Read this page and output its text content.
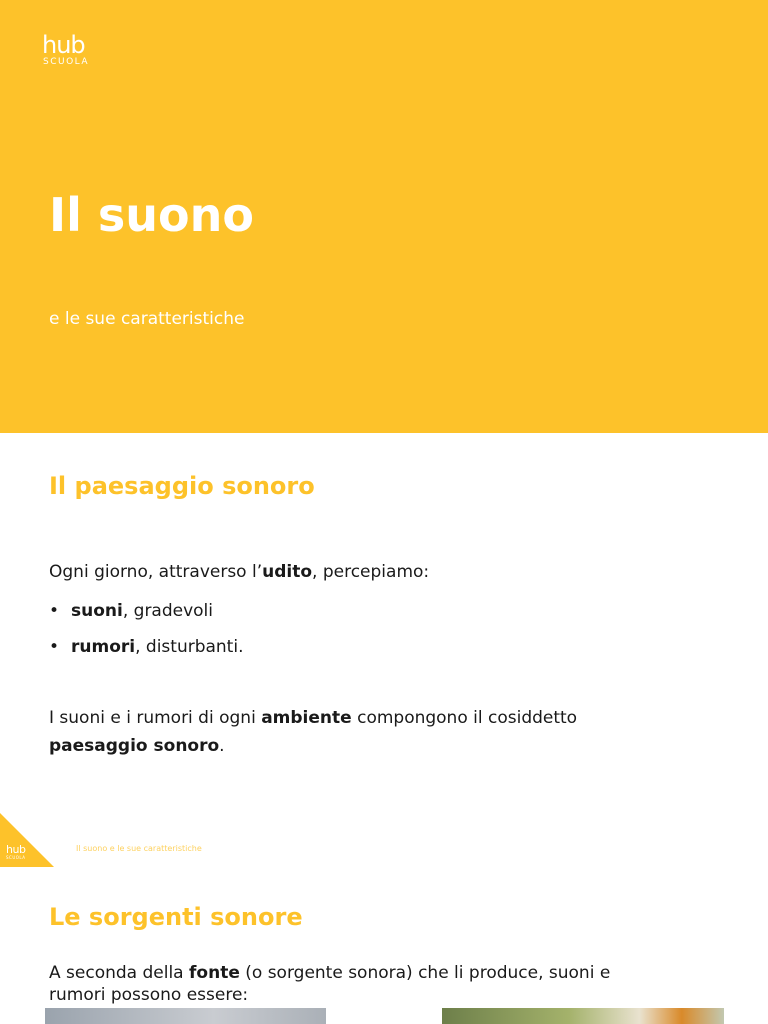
hub
SCUOLA
Il suono

e le sue caratteristiche

Il paesaggio sonoro

Ogni giorno, attraverso l’udito, percepiamo:

• suoni, gradevoli
• rumori, disturbanti.

I suoni e i rumori di ogni ambiente compongono il cosiddetto
paesaggio sonoro.

hub
SCUOLA
Il suono e le sue caratteristiche
Le sorgenti sonore

A seconda della fonte (o sorgente sonora) che li produce, suoni e
rumori possono essere:
